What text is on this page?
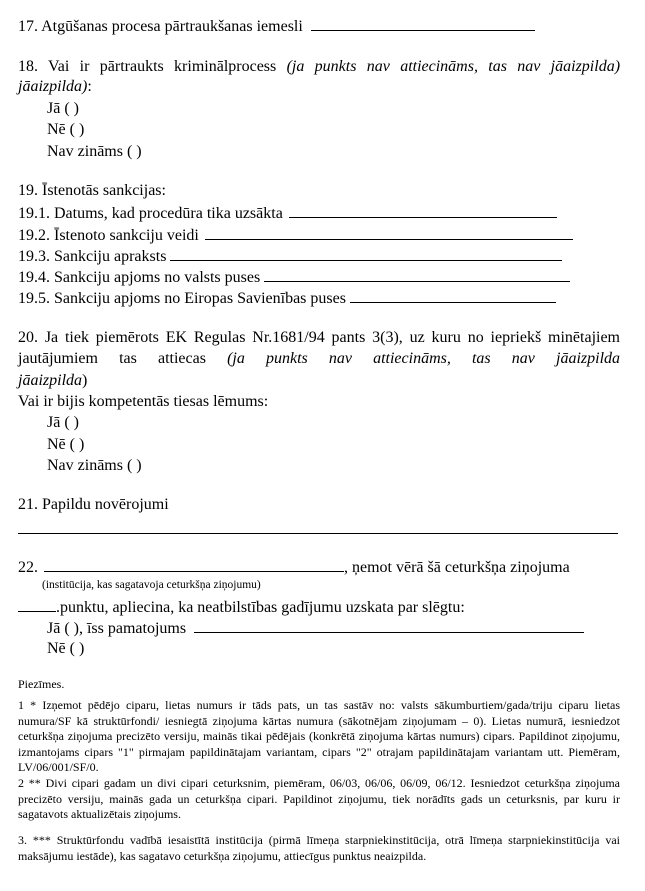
17. Atgūšanas procesa pārtraukšanas iemesli
18. Vai ir pārtraukts kriminālprocess (ja punkts nav attiecināms, tas nav jāaizpilda)
jāaizpilda):
Jā ( )
Nē ( )
Nav zināms ( )
19. Īstenotās sankcijas:
19.1. Datums, kad procedūra tika uzsākta
19.2. Īstenoto sankciju veidi
19.3. Sankciju apraksts
19.4. Sankciju apjoms no valsts puses
19.5. Sankciju apjoms no Eiropas Savienības puses
20. Ja tiek piemērots EK Regulas Nr.1681/94 pants 3(3), uz kuru no iepriekš minētajiem jautājumiem tas attiecas (ja punkts nav attiecināms, tas nav jāaizpilda
jāaizpilda)
Vai ir bijis kompetentās tiesas lēmums:
Jā ( )
Nē ( )
Nav zināms ( )
21. Papildu novērojumi
22.	, ņemot vērā šā ceturkšņa ziņojuma
(institūcija, kas sagatavoja ceturkšņa ziņojumu)
.punktu, apliecina, ka neatbilstības gadījumu uzskata par slēgtu:
Jā ( ), īss pamatojums
Nē ( )
Piezīmes.
1 * Izņemot pēdējo ciparu, lietas numurs ir tāds pats, un tas sastāv no: valsts sākumburtiem/gada/triju ciparu lietas numura/SF kā struktūrfondi/ iesniegtā ziņojuma kārtas numura (sākotnējam ziņojumam – 0). Lietas numurā, iesniedzot ceturkšņa ziņojuma precizēto versiju, mainās tikai pēdējais (konkrētā ziņojuma kārtas numurs) cipars. Papildinot ziņojumu, izmantojams cipars "1" pirmajam papildinātajam variantam, cipars "2" otrajam papildinātajam variantam utt. Piemēram, LV/06/001/SF/0.
2 ** Divi cipari gadam un divi cipari ceturksnim, piemēram, 06/03, 06/06, 06/09, 06/12. Iesniedzot ceturkšņa ziņojuma precizēto versiju, mainās gada un ceturkšņa cipari. Papildinot ziņojumu, tiek norādīts gads un ceturksnis, par kuru ir sagatavots aktualizētais ziņojums.
3. *** Struktūrfondu vadībā iesaistītā institūcija (pirmā līmeņa starpniekinstitūcija, otrā līmeņa starpniekinstitūcija vai maksājumu iestāde), kas sagatavo ceturkšņa ziņojumu, attiecīgus punktus neaizpilda.
